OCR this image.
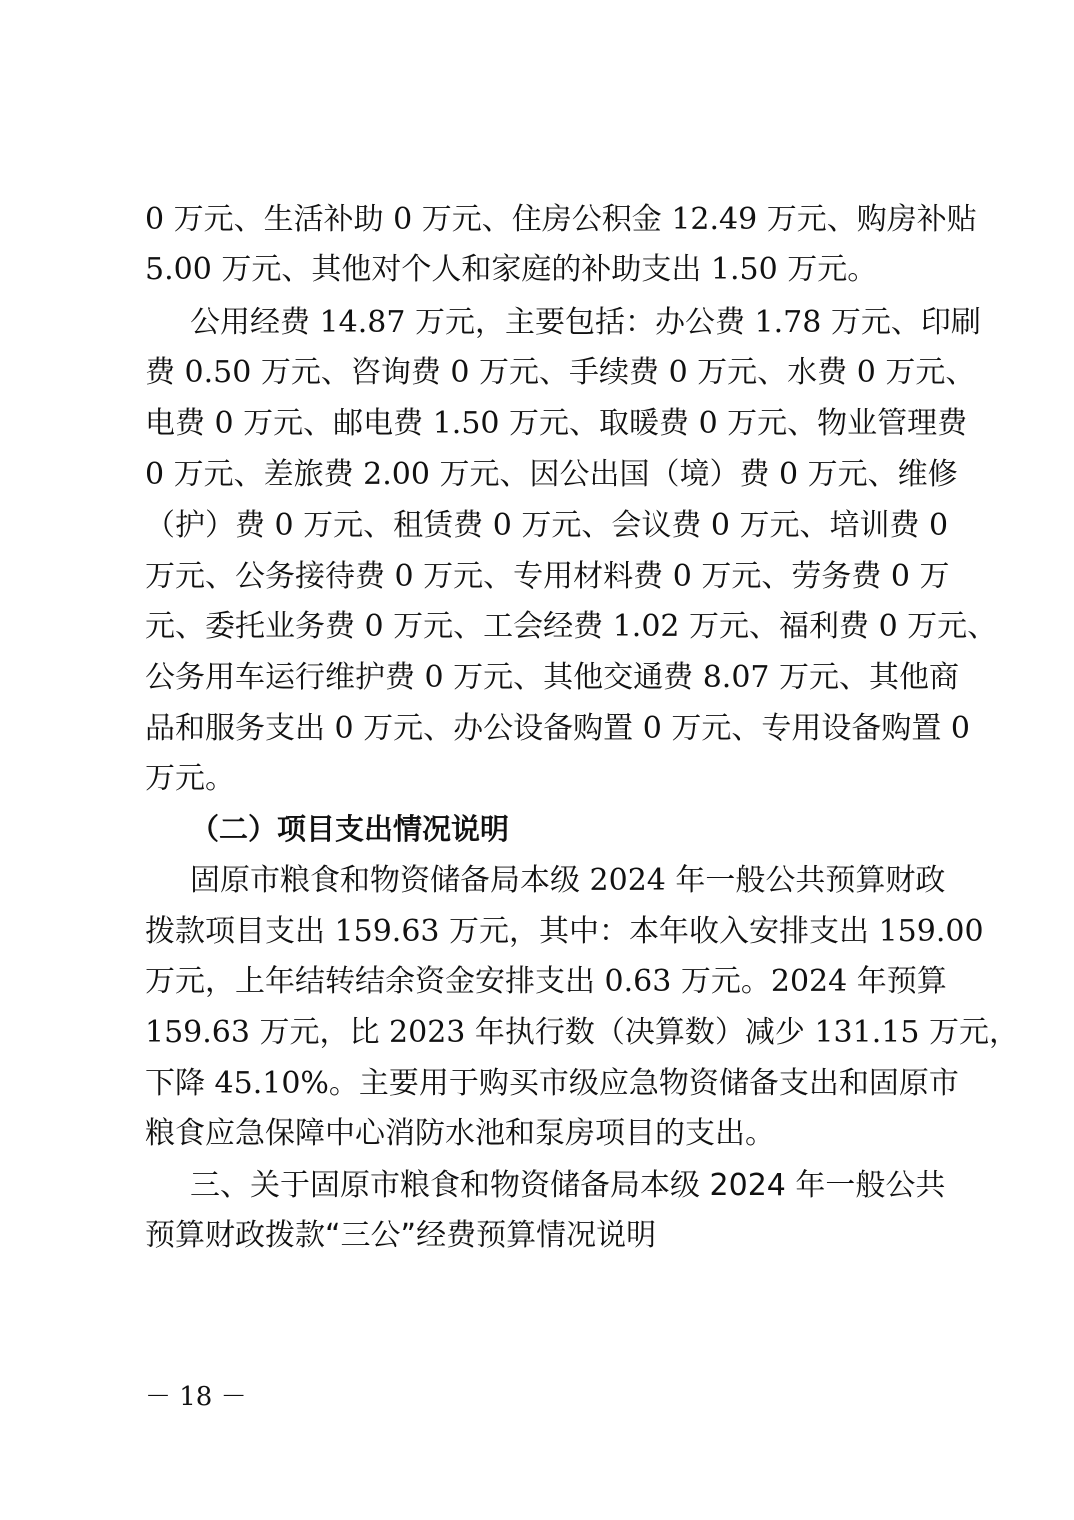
0 万元、生活补助 0 万元、住房公积金 12.49 万元、购房补贴
5.00 万元、其他对个人和家庭的补助支出 1.50 万元。
公用经费 14.87 万元，主要包括：办公费 1.78 万元、印刷
费 0.50 万元、咨询费 0 万元、手续费 0 万元、水费 0 万元、
电费 0 万元、邮电费 1.50 万元、取暖费 0 万元、物业管理费
0 万元、差旅费 2.00 万元、因公出国（境）费 0 万元、维修
（护）费 0 万元、租赁费 0 万元、会议费 0 万元、培训费 0
万元、公务接待费 0 万元、专用材料费 0 万元、劳务费 0 万
元、委托业务费 0 万元、工会经费 1.02 万元、福利费 0 万元、
公务用车运行维护费 0 万元、其他交通费 8.07 万元、其他商
品和服务支出 0 万元、办公设备购置 0 万元、专用设备购置 0
万元。
（二）项目支出情况说明
固原市粮食和物资储备局本级 2024 年一般公共预算财政
拨款项目支出 159.63 万元，其中：本年收入安排支出 159.00
万元，上年结转结余资金安排支出 0.63 万元。2024 年预算
159.63 万元，比 2023 年执行数（决算数）减少 131.15 万元，
下降 45.10%。主要用于购买市级应急物资储备支出和固原市
粮食应急保障中心消防水池和泵房项目的支出。
三、关于固原市粮食和物资储备局本级 2024 年一般公共
预算财政拨款“三公”经费预算情况说明
－ 18 －
